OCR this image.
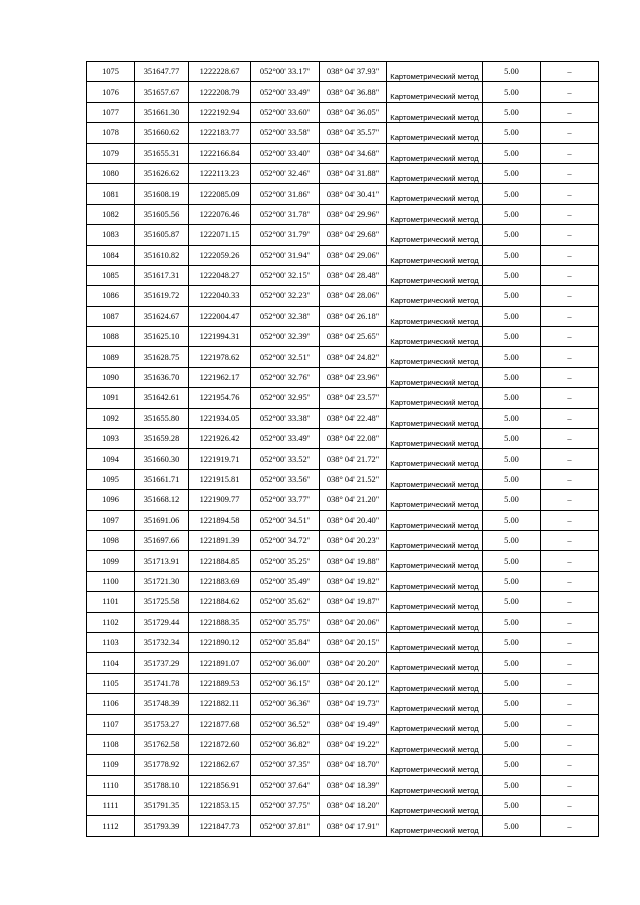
1075	351647.77	1222228.67	052°00' 33.17"	038° 04' 37.93"	Картометрический метод	5.00	–
1076	351657.67	1222208.79	052°00' 33.49"	038° 04' 36.88"	Картометрический метод	5.00	–
1077	351661.30	1222192.94	052°00' 33.60"	038° 04' 36.05"	Картометрический метод	5.00	–
1078	351660.62	1222183.77	052°00' 33.58"	038° 04' 35.57"	Картометрический метод	5.00	–
1079	351655.31	1222166.84	052°00' 33.40"	038° 04' 34.68"	Картометрический метод	5.00	–
1080	351626.62	1222113.23	052°00' 32.46"	038° 04' 31.88"	Картометрический метод	5.00	–
1081	351608.19	1222085.09	052°00' 31.86"	038° 04' 30.41"	Картометрический метод	5.00	–
1082	351605.56	1222076.46	052°00' 31.78"	038° 04' 29.96"	Картометрический метод	5.00	–
1083	351605.87	1222071.15	052°00' 31.79"	038° 04' 29.68"	Картометрический метод	5.00	–
1084	351610.82	1222059.26	052°00' 31.94"	038° 04' 29.06"	Картометрический метод	5.00	–
1085	351617.31	1222048.27	052°00' 32.15"	038° 04' 28.48"	Картометрический метод	5.00	–
1086	351619.72	1222040.33	052°00' 32.23"	038° 04' 28.06"	Картометрический метод	5.00	–
1087	351624.67	1222004.47	052°00' 32.38"	038° 04' 26.18"	Картометрический метод	5.00	–
1088	351625.10	1221994.31	052°00' 32.39"	038° 04' 25.65"	Картометрический метод	5.00	–
1089	351628.75	1221978.62	052°00' 32.51"	038° 04' 24.82"	Картометрический метод	5.00	–
1090	351636.70	1221962.17	052°00' 32.76"	038° 04' 23.96"	Картометрический метод	5.00	–
1091	351642.61	1221954.76	052°00' 32.95"	038° 04' 23.57"	Картометрический метод	5.00	–
1092	351655.80	1221934.05	052°00' 33.38"	038° 04' 22.48"	Картометрический метод	5.00	–
1093	351659.28	1221926.42	052°00' 33.49"	038° 04' 22.08"	Картометрический метод	5.00	–
1094	351660.30	1221919.71	052°00' 33.52"	038° 04' 21.72"	Картометрический метод	5.00	–
1095	351661.71	1221915.81	052°00' 33.56"	038° 04' 21.52"	Картометрический метод	5.00	–
1096	351668.12	1221909.77	052°00' 33.77"	038° 04' 21.20"	Картометрический метод	5.00	–
1097	351691.06	1221894.58	052°00' 34.51"	038° 04' 20.40"	Картометрический метод	5.00	–
1098	351697.66	1221891.39	052°00' 34.72"	038° 04' 20.23"	Картометрический метод	5.00	–
1099	351713.91	1221884.85	052°00' 35.25"	038° 04' 19.88"	Картометрический метод	5.00	–
1100	351721.30	1221883.69	052°00' 35.49"	038° 04' 19.82"	Картометрический метод	5.00	–
1101	351725.58	1221884.62	052°00' 35.62"	038° 04' 19.87"	Картометрический метод	5.00	–
1102	351729.44	1221888.35	052°00' 35.75"	038° 04' 20.06"	Картометрический метод	5.00	–
1103	351732.34	1221890.12	052°00' 35.84"	038° 04' 20.15"	Картометрический метод	5.00	–
1104	351737.29	1221891.07	052°00' 36.00"	038° 04' 20.20"	Картометрический метод	5.00	–
1105	351741.78	1221889.53	052°00' 36.15"	038° 04' 20.12"	Картометрический метод	5.00	–
1106	351748.39	1221882.11	052°00' 36.36"	038° 04' 19.73"	Картометрический метод	5.00	–
1107	351753.27	1221877.68	052°00' 36.52"	038° 04' 19.49"	Картометрический метод	5.00	–
1108	351762.58	1221872.60	052°00' 36.82"	038° 04' 19.22"	Картометрический метод	5.00	–
1109	351778.92	1221862.67	052°00' 37.35"	038° 04' 18.70"	Картометрический метод	5.00	–
1110	351788.10	1221856.91	052°00' 37.64"	038° 04' 18.39"	Картометрический метод	5.00	–
1111	351791.35	1221853.15	052°00' 37.75"	038° 04' 18.20"	Картометрический метод	5.00	–
1112	351793.39	1221847.73	052°00' 37.81"	038° 04' 17.91"	Картометрический метод	5.00	–
